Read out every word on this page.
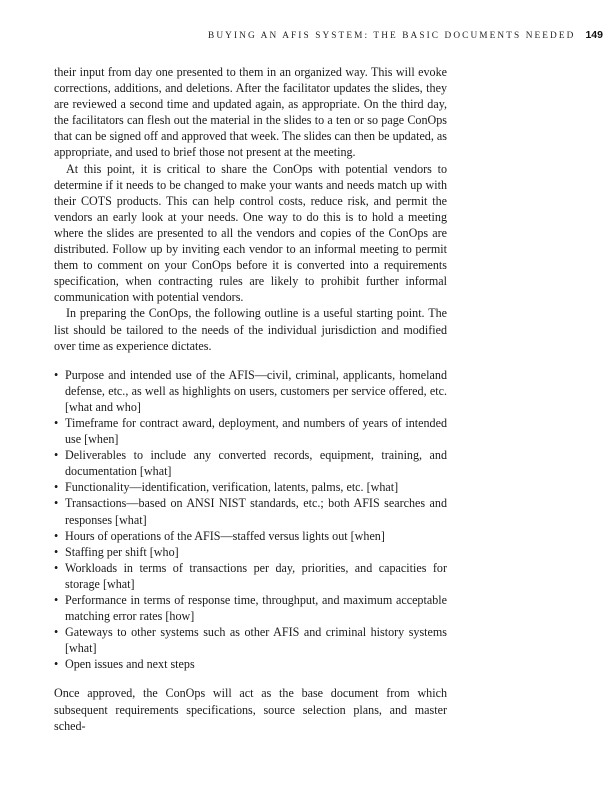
BUYING AN AFIS SYSTEM: THE BASIC DOCUMENTS NEEDED 149

their input from day one presented to them in an organized way. This will evoke corrections, additions, and deletions. After the facilitator updates the slides, they are reviewed a second time and updated again, as appropriate. On the third day, the facilitators can flesh out the material in the slides to a ten or so page ConOps that can be signed off and approved that week. The slides can then be updated, as appropriate, and used to brief those not present at the meeting.

At this point, it is critical to share the ConOps with potential vendors to determine if it needs to be changed to make your wants and needs match up with their COTS products. This can help control costs, reduce risk, and permit the vendors an early look at your needs. One way to do this is to hold a meeting where the slides are presented to all the vendors and copies of the ConOps are distributed. Follow up by inviting each vendor to an informal meeting to permit them to comment on your ConOps before it is converted into a requirements specification, when contracting rules are likely to prohibit further informal communication with potential vendors.

In preparing the ConOps, the following outline is a useful starting point. The list should be tailored to the needs of the individual jurisdiction and modified over time as experience dictates.

• Purpose and intended use of the AFIS—civil, criminal, applicants, homeland defense, etc., as well as highlights on users, customers per service offered, etc. [what and who]
• Timeframe for contract award, deployment, and numbers of years of intended use [when]
• Deliverables to include any converted records, equipment, training, and documentation [what]
• Functionality—identification, verification, latents, palms, etc. [what]
• Transactions—based on ANSI NIST standards, etc.; both AFIS searches and responses [what]
• Hours of operations of the AFIS—staffed versus lights out [when]
• Staffing per shift [who]
• Workloads in terms of transactions per day, priorities, and capacities for storage [what]
• Performance in terms of response time, throughput, and maximum acceptable matching error rates [how]
• Gateways to other systems such as other AFIS and criminal history systems [what]
• Open issues and next steps

Once approved, the ConOps will act as the base document from which subsequent requirements specifications, source selection plans, and master sched-
